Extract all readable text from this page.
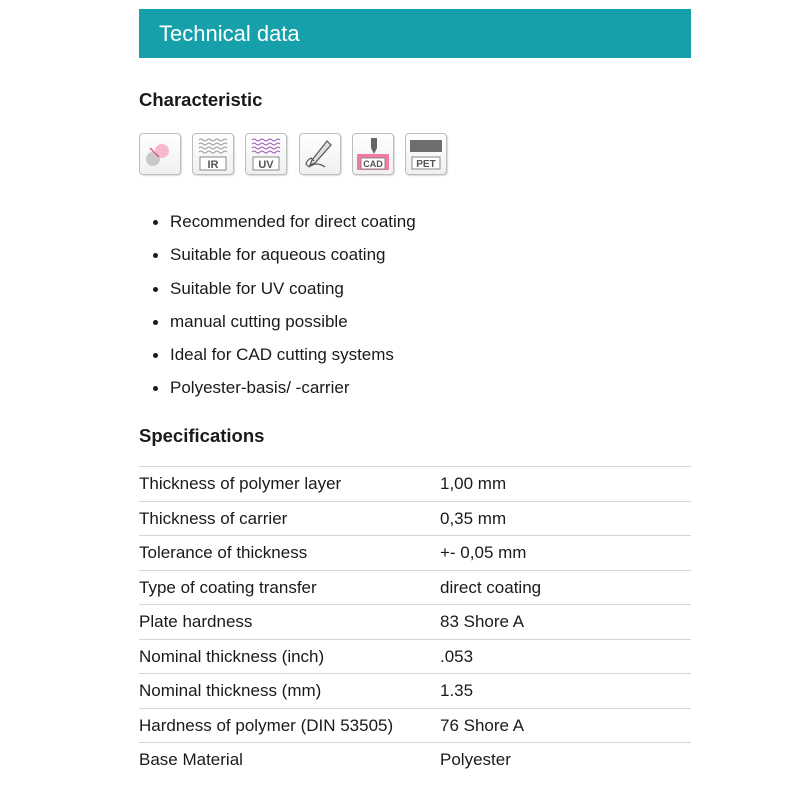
Technical data
Characteristic
IR	UV	CAD	PET
Recommended for direct coating
Suitable for aqueous coating
Suitable for UV coating
manual cutting possible
Ideal for CAD cutting systems
Polyester-basis/ -carrier
Specifications
Thickness of polymer layer	1,00 mm
Thickness of carrier	0,35 mm
Tolerance of thickness	+- 0,05 mm
Type of coating transfer	direct coating
Plate hardness	83 Shore A
Nominal thickness (inch)	.053
Nominal thickness (mm)	1.35
Hardness of polymer (DIN 53505)	76 Shore A
Base Material	Polyester
